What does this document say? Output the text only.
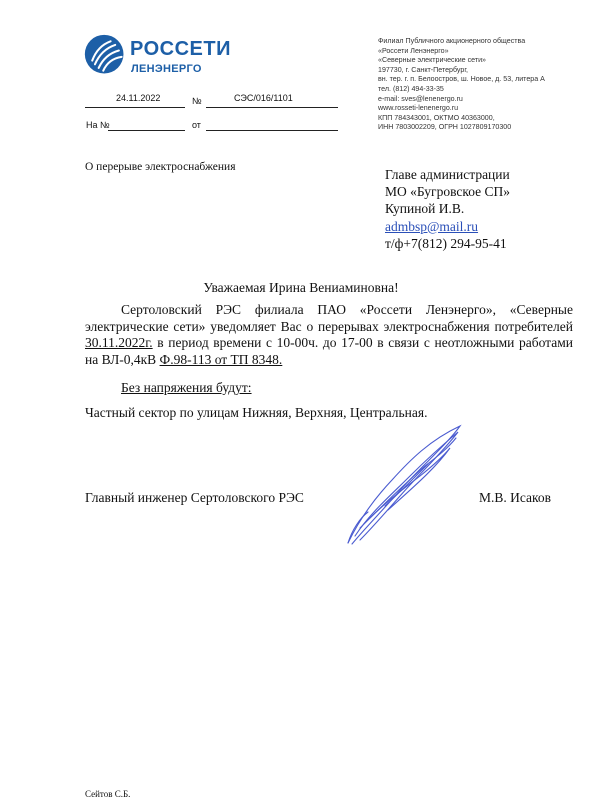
РОССЕТИ
ЛЕНЭНЕРГО
Филиал Публичного акционерного общества
«Россети Ленэнерго»
«Северные электрические сети»
197730, г. Санкт-Петербург,
вн. тер. г. п. Белоостров, ш. Новое, д. 53, литера А
тел. (812) 494-33-35
e-mail: sves@lenenergo.ru
www.rosseti-lenenergo.ru
КПП 784343001, ОКТМО 40363000,
ИНН 7803002209, ОГРН 1027809170300
24.11.2022	№	СЭС/016/1101
На №	от
О перерыве электроснабжения	Главе администрации
МО «Бугровское СП»
Купиной И.В.
admbsp@mail.ru
т/ф+7(812) 294-95-41
Уважаемая Ирина Вениаминовна!
Сертоловский РЭС филиала ПАО «Россети Ленэнерго», «Северные электрические сети» уведомляет Вас о перерывах электроснабжения потребителей 30.11.2022г. в период времени с 10-00ч. до 17-00 в связи с неотложными работами на ВЛ-0,4кВ Ф.98-113 от ТП 8348.
Без напряжения будут:
Частный сектор по улицам Нижняя, Верхняя, Центральная.
Главный инженер Сертоловского РЭС	М.В. Исаков
Сейтов С.Б.
